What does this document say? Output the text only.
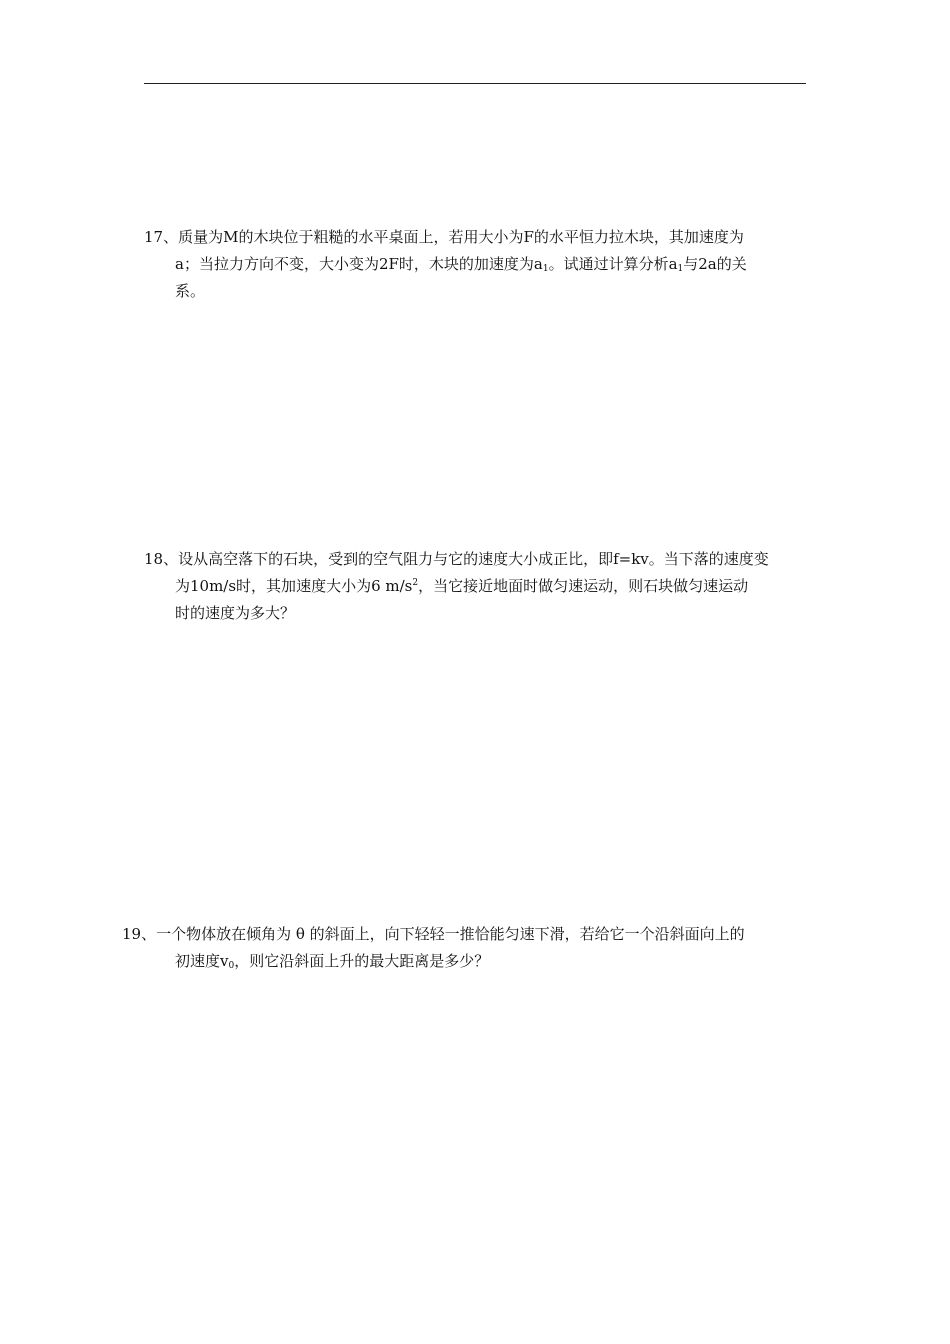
17、质量为M的木块位于粗糙的水平桌面上，若用大小为F的水平恒力拉木块，其加速度为
a；当拉力方向不变，大小变为2F时，木块的加速度为$a_1$。试通过计算分析$a_1$与2a的关
系。
18、设从高空落下的石块，受到的空气阻力与它的速度大小成正比，即f=kv。当下落的速度变
为10m/s时，其加速度大小为6 $m/s^2$，当它接近地面时做匀速运动，则石块做匀速运动
时的速度为多大？
19、一个物体放在倾角为 θ 的斜面上，向下轻轻一推恰能匀速下滑，若给它一个沿斜面向上的
初速度$v_0$，则它沿斜面上升的最大距离是多少？
